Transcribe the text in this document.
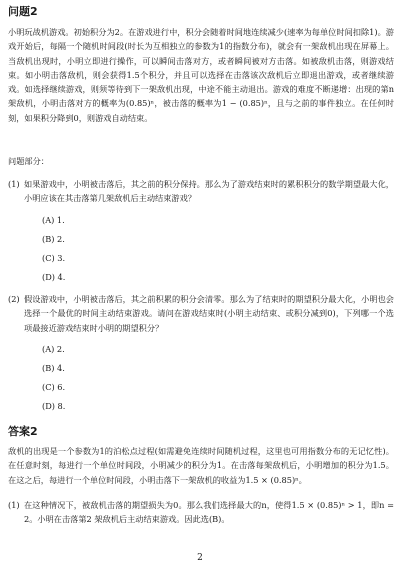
问题2

小明玩战机游戏。初始积分为2。在游戏进行中，积分会随着时间地连续减少(速率为每单位时间扣除1)。游戏开始后，每隔一个随机时间段(时长为互相独立的参数为1的指数分布)，就会有一架敌机出现在屏幕上。当敌机出现时，小明立即进行操作，可以瞬间击落对方，或者瞬间被对方击落。如被敌机击落，则游戏结束。如小明击落敌机，则会获得1.5个积分，并且可以选择在击落该次敌机后立即退出游戏，或者继续游戏。如选择继续游戏，则须等待到下一架敌机出现，中途不能主动退出。游戏的难度不断递增：出现的第n 架敌机，小明击落对方的概率为(0.85)ⁿ，被击落的概率为1 − (0.85)ⁿ，且与之前的事件独立。在任何时刻，如果积分降到0，则游戏自动结束。

问题部分：
(1) 如果游戏中，小明被击落后，其之前的积分保持。那么为了游戏结束时的累积积分的数学期望最大化，小明应该在其击落第几架敌机后主动结束游戏？
(A) 1.
(B) 2.
(C) 3.
(D) 4.
(2) 假设游戏中，小明被击落后，其之前积累的积分会清零。那么为了结束时的期望积分最大化，小明也会选择一个最优的时间主动结束游戏。请问在游戏结束时(小明主动结束、或积分减到0)，下列哪一个选项最接近游戏结束时小明的期望积分？
(A) 2.
(B) 4.
(C) 6.
(D) 8.
答案2

敌机的出现是一个参数为1的泊松点过程(如需避免连续时间随机过程，这里也可用指数分布的无记忆性)。在任意时刻，每进行一个单位时间段，小明减少的积分为1。在击落每架敌机后，小明增加的积分为1.5。在这之后，每进行一个单位时间段，小明击落下一架敌机的收益为1.5 × (0.85)ⁿ。

(1) 在这种情况下，被敌机击落的期望损失为0。那么我们选择最大的n，使得1.5 × (0.85)ⁿ > 1，即n = 2。小明在击落第2 架敌机后主动结束游戏。因此选(B)。
2
